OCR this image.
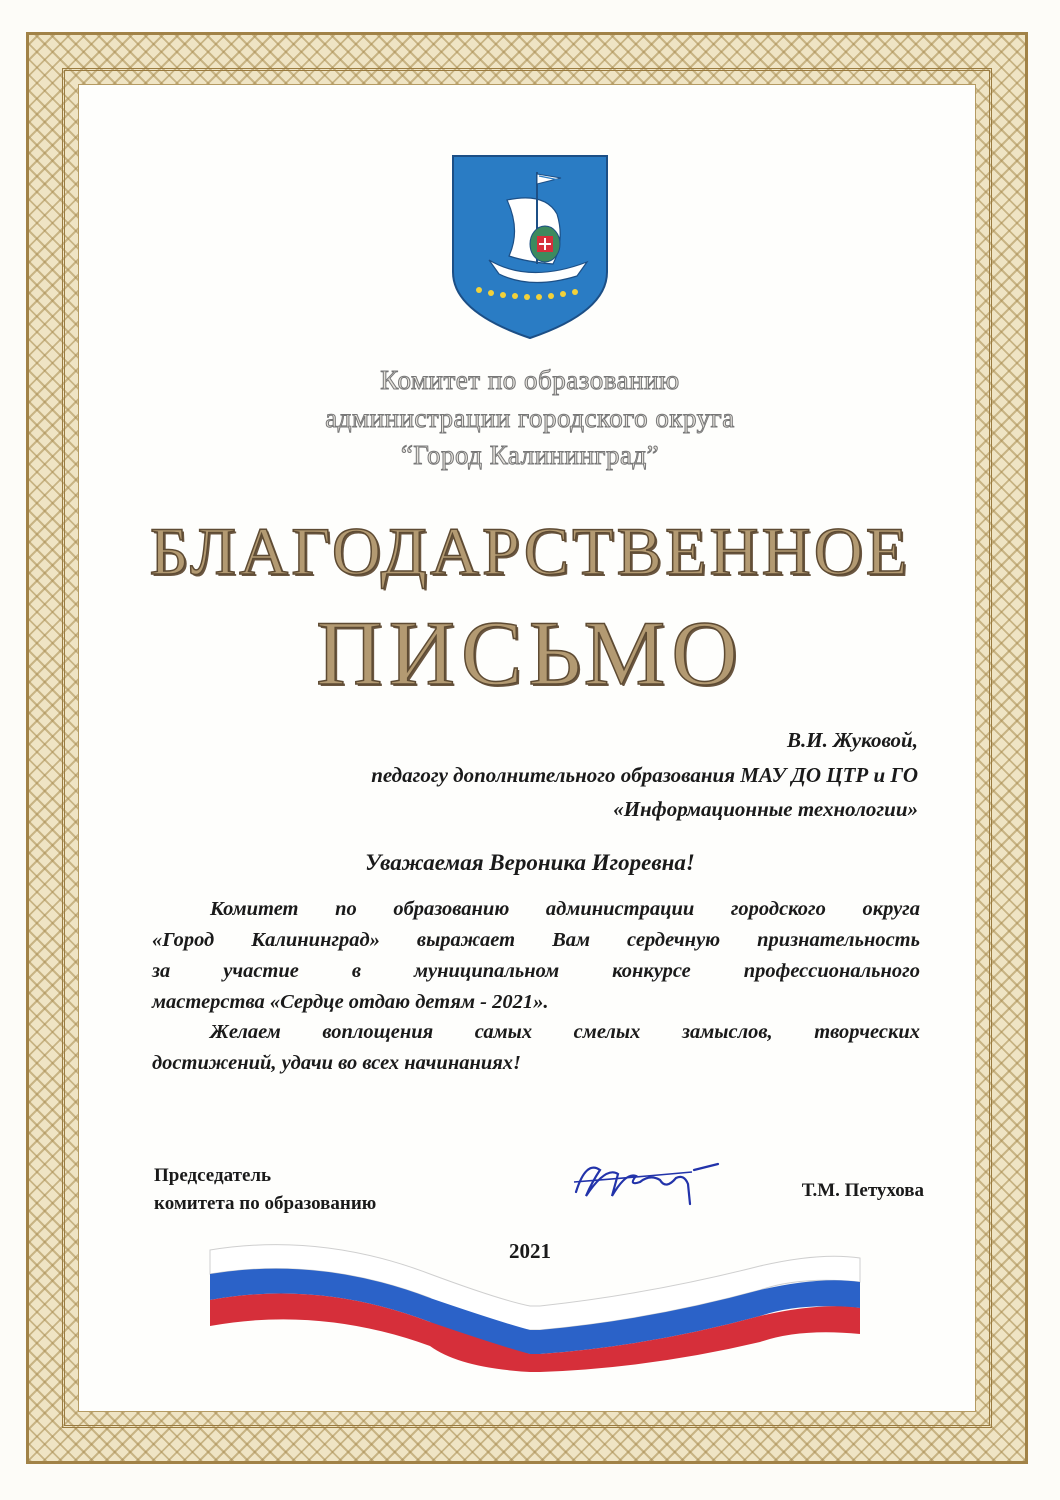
Комитет по образованию
администрации городского округа
“Город Калининград”
БЛАГОДАРСТВЕННОЕ
ПИСЬМО
В.И. Жуковой,
педагогу дополнительного образования МАУ ДО ЦТР и ГО
«Информационные технологии»
Уважаемая Вероника Игоревна!
Комитет по образованию администрации городского округа
«Город Калининград» выражает Вам сердечную признательность
за участие в муниципальном конкурсе профессионального
мастерства «Сердце отдаю детям - 2021».
Желаем воплощения самых смелых замыслов, творческих
достижений, удачи во всех начинаниях!
Председатель
комитета по образованию
Т.М. Петухова
2021
